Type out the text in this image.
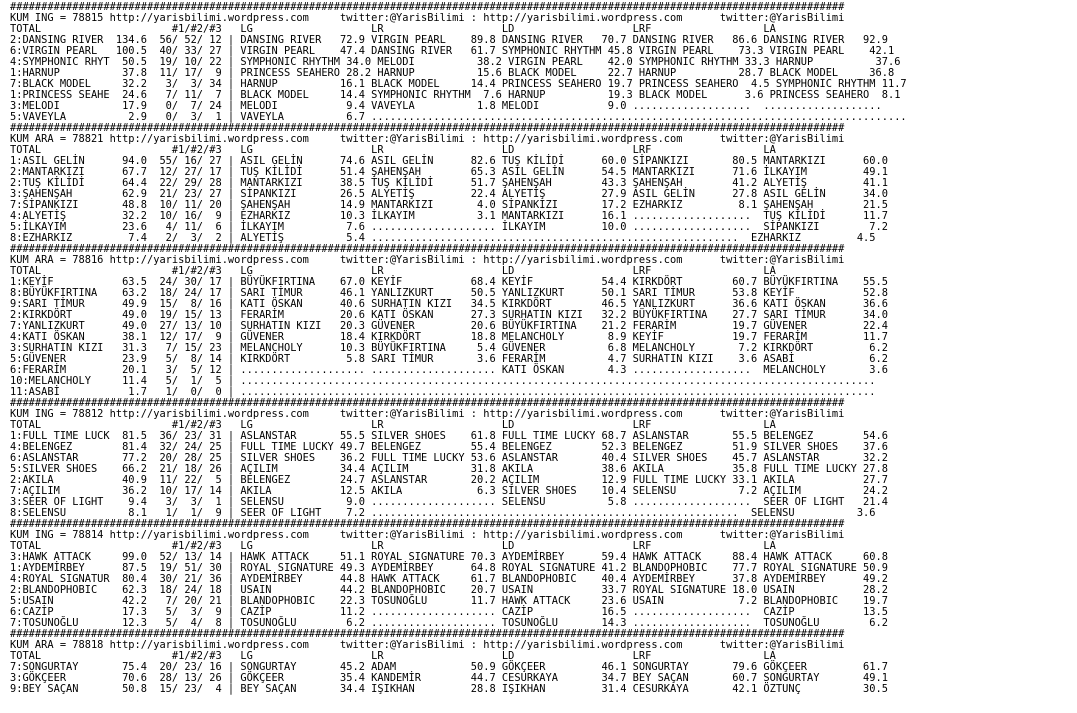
######################################################################################################################################
KUM ING = 78815 http://yarisbilimi.wordpress.com     twitter:@YarisBilimi : http://yarisbilimi.wordpress.com      twitter:@YarisBilimi
TOTAL                     #1/#2/#3   LG                   LR                   LD                   LRF                  LA
2:DANSING RIVER  134.6  56/ 52/ 12 | DANSING RIVER   72.9 VIRGIN PEARL    89.8 DANSING RIVER   70.7 DANSING RIVER   86.6 DANSING RIVER   92.9
6:VIRGIN PEARL   100.5  40/ 33/ 27 | VIRGIN PEARL    47.4 DANSING RIVER   61.7 SYMPHONIC RHYTHM 45.8 VIRGIN PEARL    73.3 VIRGIN PEARL    42.1
4:SYMPHONIC RHYT  50.5  19/ 10/ 22 | SYMPHONIC RHYTHM 34.0 MELODI          38.2 VIRGIN PEARL    42.0 SYMPHONIC RHYTHM 33.3 HARNUP          37.6
1:HARNUP          37.8  11/ 17/  9 | PRINCESS SEAHERO 28.2 HARNUP          15.6 BLACK MODEL     22.7 HARNUP          28.7 BLACK MODEL     36.8
7:BLACK MODEL     32.2   3/  3/ 34 | HARNUP          16.1 BLACK MODEL     14.4 PRINCESS SEAHERO 19.7 PRINCESS SEAHERO  4.5 SYMPHONIC RHYTHM 11.7
1:PRINCESS SEAHE  24.6   7/ 11/  7 | BLACK MODEL     14.4 SYMPHONIC RHYTHM  7.6 HARNUP          19.3 BLACK MODEL      3.6 PRINCESS SEAHERO  8.1
3:MELODI          17.9   0/  7/ 24 | MELODI           9.4 VAVEYLA          1.8 MELODI           9.0 ...................  ...................
5:VAVEYLA          2.9   0/  3/  1 | VAVEYLA          6.7 ......................................................................................
######################################################################################################################################
KUM ARA = 78821 http://yarisbilimi.wordpress.com     twitter:@YarisBilimi : http://yarisbilimi.wordpress.com      twitter:@YarisBilimi
TOTAL                     #1/#2/#3   LG                   LR                   LD                   LRF                  LA
1:ASIL GELİN      94.0  55/ 16/ 27 | ASIL GELİN      74.6 ASIL GELİN      82.6 TUŞ KİLİDİ      60.0 SİPANKIZI       80.5 MANTARKIZI      60.0
2:MANTARKIZI      67.7  12/ 27/ 17 | TUŞ KİLİDİ      51.4 ŞAHENŞAH        65.3 ASIL GELİN      54.5 MANTARKIZI      71.6 İLKAYIM         49.1
2:TUŞ KİLİDİ      64.4  22/ 29/ 28 | MANTARKIZI      38.5 TUŞ KİLİDİ      51.7 ŞAHENŞAH        43.3 ŞAHENŞAH        41.2 ALYETİŞ         41.1
3:ŞAHENŞAH        62.9  21/ 23/ 27 | SİPANKIZI       26.5 ALYETİŞ         22.4 ALYETİŞ         27.9 ASIL GELİN      27.8 ASIL GELİN      34.0
7:SİPANKIZI       48.8  10/ 11/ 20 | ŞAHENŞAH        14.9 MANTARKIZI       4.0 SİPANKIZI       17.2 EZHARKIZ         8.1 ŞAHENŞAH        21.5
4:ALYETİŞ         32.2  10/ 16/  9 | EZHARKIZ        10.3 İLKAYIM          3.1 MANTARKIZI      16.1 ...................  TUŞ KİLİDİ      11.7
5:İLKAYIM         23.6   4/ 11/  6 | İLKAYIM          7.6 .................... İLKAYIM         10.0 ...................  SİPANKIZI        7.2
8:EZHARKIZ         7.4   2/  3/  2 | ALYETİŞ          5.4 ...........................................................  EZHARKIZ         4.5
######################################################################################################################################
KUM ARA = 78816 http://yarisbilimi.wordpress.com     twitter:@YarisBilimi : http://yarisbilimi.wordpress.com      twitter:@YarisBilimi
TOTAL                     #1/#2/#3   LG                   LR                   LD                   LRF                  LA
1:KEYİF           63.5  24/ 30/ 17 | BÜYÜKFIRTINA    67.0 KEYİF           68.4 KEYİF           54.4 KIRKDÖRT        60.7 BÜYÜKFIRTINA    55.5
8:BÜYÜKFIRTINA    63.2  18/ 24/ 17 | SARI TİMUR      46.1 YANLIZKURT      50.5 YANLIZKURT      50.1 SARI TİMUR      53.8 KEYİF           52.8
9:SARI TİMUR      49.9  15/  8/ 16 | KATI ÖSKAN      40.6 SURHATIN KIZI   34.5 KIRKDÖRT        46.5 YANLIZKURT      36.6 KATI ÖSKAN      36.6
2:KIRKDÖRT        49.0  19/ 15/ 13 | FERARİM         20.6 KATI ÖSKAN      27.3 SURHATIN KIZI   32.2 BÜYÜKFIRTINA    27.7 SARI TİMUR      34.0
7:YANLIZKURT      49.0  27/ 13/ 10 | SURHATIN KIZI   20.3 GÜVENER         20.6 BÜYÜKFIRTINA    21.2 FERARİM         19.7 GÜVENER         22.4
4:KATI ÖSKAN      38.1  12/ 17/  9 | GÜVENER         18.4 KIRKDÖRT        18.8 MELANCHOLY       8.9 KEYİF           19.7 FERARİM         11.7
3:SURHATIN KIZI   31.3   7/ 15/ 23 | MELANCHOLY      10.3 BÜYÜKFIRTINA     5.4 GÜVENER          6.8 MELANCHOLY       7.2 KIRKDÖRT         6.2
5:GÜVENER         23.9   5/  8/ 14 | KIRKDÖRT         5.8 SARI TİMUR       3.6 FERARİM          4.7 SURHATIN KIZI    3.6 ASABİ            6.2
6:FERARİM         20.1   3/  5/ 12 | .................... .................... KATI ÖSKAN       4.3 ...................  MELANCHOLY       3.6
10:MELANCHOLY     11.4   5/  1/  5 | ......................................................................................................
11:ASABİ           1.7   1/  0/  0 | ......................................................................................................
######################################################################################################################################
KUM ING = 78812 http://yarisbilimi.wordpress.com     twitter:@YarisBilimi : http://yarisbilimi.wordpress.com      twitter:@YarisBilimi
TOTAL                     #1/#2/#3   LG                   LR                   LD                   LRF                  LA
1:FULL TIME LUCK  81.5  36/ 23/ 31 | ASLANSTAR       55.5 SILVER SHOES    61.8 FULL TIME LUCKY 68.7 ASLANSTAR       55.5 BELENGEZ        54.6
4:BELENGEZ        81.4  32/ 24/ 25 | FULL TIME LUCKY 49.7 BELENGEZ        55.4 BELENGEZ        52.3 BELENGEZ        51.9 SILVER SHOES    37.6
6:ASLANSTAR       77.2  20/ 28/ 25 | SILVER SHOES    36.2 FULL TIME LUCKY 53.6 ASLANSTAR       40.4 SILVER SHOES    45.7 ASLANSTAR       32.2
5:SILVER SHOES    66.2  21/ 18/ 26 | AÇILIM          34.4 AÇILIM          31.8 AKILA           38.6 AKILA           35.8 FULL TIME LUCKY 27.8
2:AKILA           40.9  11/ 22/  5 | BELENGEZ        24.7 ASLANSTAR       20.2 AÇILIM          12.9 FULL TIME LUCKY 33.1 AKILA           27.7
7:AÇILIM          36.2  10/ 17/ 14 | AKILA           12.5 AKILA            6.3 SILVER SHOES    10.4 SELENSU          7.2 AÇILIM          24.2
3:SEER OF LIGHT    9.4   3/  3/  1 | SELENSU          9.0 .................... SELENSU          5.8 ...................  SEER OF LIGHT   21.4
8:SELENSU          8.1   1/  1/  9 | SEER OF LIGHT    7.2 ...........................................................  SELENSU          3.6
######################################################################################################################################
KUM ING = 78814 http://yarisbilimi.wordpress.com     twitter:@YarisBilimi : http://yarisbilimi.wordpress.com      twitter:@YarisBilimi
TOTAL                     #1/#2/#3   LG                   LR                   LD                   LRF                  LA
3:HAWK ATTACK     99.0  52/ 13/ 14 | HAWK ATTACK     51.1 ROYAL SIGNATURE 70.3 AYDEMİRBEY      59.4 HAWK ATTACK     88.4 HAWK ATTACK     60.8
1:AYDEMİRBEY      87.5  19/ 51/ 30 | ROYAL SIGNATURE 49.3 AYDEMİRBEY      64.8 ROYAL SIGNATURE 41.2 BLANDOPHOBIC    77.7 ROYAL SIGNATURE 50.9
4:ROYAL SIGNATUR  80.4  30/ 21/ 36 | AYDEMİRBEY      44.8 HAWK ATTACK     61.7 BLANDOPHOBIC    40.4 AYDEMİRBEY      37.8 AYDEMİRBEY      49.2
2:BLANDOPHOBIC    62.3  18/ 24/ 18 | USAIN           44.2 BLANDOPHOBIC    20.7 USAIN           33.7 ROYAL SIGNATURE 18.0 USAIN           28.2
5:USAIN           42.2   7/ 20/ 21 | BLANDOPHOBIC    22.3 TOSUNOĞLU       11.7 HAWK ATTACK     23.6 USAIN            7.2 BLANDOPHOBIC    19.7
6:CAZİP           17.3   5/  3/  9 | CAZİP           11.2 .................... CAZİP           16.5 ...................  CAZİP           13.5
7:TOSUNOĞLU       12.3   5/  4/  8 | TOSUNOĞLU        6.2 .................... TOSUNOĞLU       14.3 ...................  TOSUNOĞLU        6.2
######################################################################################################################################
KUM ARA = 78818 http://yarisbilimi.wordpress.com     twitter:@YarisBilimi : http://yarisbilimi.wordpress.com      twitter:@YarisBilimi
TOTAL                     #1/#2/#3   LG                   LR                   LD                   LRF                  LA
7:SONGURTAY       75.4  20/ 23/ 16 | SONGURTAY       45.2 ADAM            50.9 GÖKÇEER         46.1 SONGURTAY       79.6 GÖKÇEER         61.7
3:GÖKÇEER         70.6  28/ 13/ 26 | GÖKÇEER         35.4 KANDEMİR        44.7 CESURKAYA       34.7 BEY SAÇAN       60.7 SONGURTAY       49.1
9:BEY SAÇAN       50.8  15/ 23/  4 | BEY SAÇAN       34.4 IŞIKHAN         28.8 IŞIKHAN         31.4 CESURKAYA       42.1 ÖZTUNÇ          30.5
